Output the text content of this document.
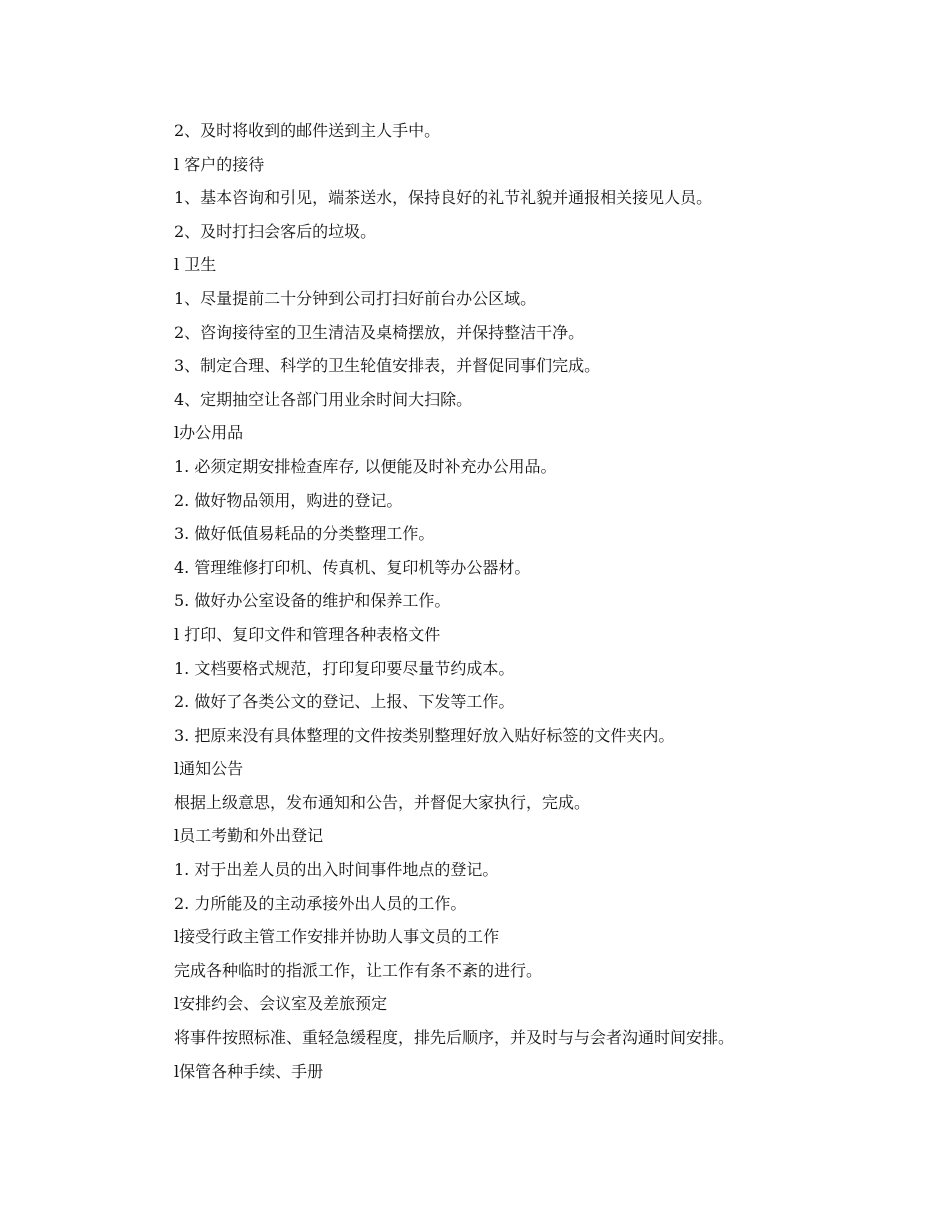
2、及时将收到的邮件送到主人手中。
l 客户的接待
1、基本咨询和引见，端茶送水，保持良好的礼节礼貌并通报相关接见人员。
2、及时打扫会客后的垃圾。
l 卫生
1、尽量提前二十分钟到公司打扫好前台办公区域。
2、咨询接待室的卫生清洁及桌椅摆放，并保持整洁干净。
3、制定合理、科学的卫生轮值安排表，并督促同事们完成。
4、定期抽空让各部门用业余时间大扫除。
l办公用品
1. 必须定期安排检查库存, 以便能及时补充办公用品。
2. 做好物品领用，购进的登记。
3. 做好低值易耗品的分类整理工作。
4. 管理维修打印机、传真机、复印机等办公器材。
5. 做好办公室设备的维护和保养工作。
l 打印、复印文件和管理各种表格文件
1. 文档要格式规范，打印复印要尽量节约成本。
2. 做好了各类公文的登记、上报、下发等工作。
3. 把原来没有具体整理的文件按类别整理好放入贴好标签的文件夹内。
l通知公告
根据上级意思，发布通知和公告，并督促大家执行，完成。
l员工考勤和外出登记
1. 对于出差人员的出入时间事件地点的登记。
2. 力所能及的主动承接外出人员的工作。
l接受行政主管工作安排并协助人事文员的工作
完成各种临时的指派工作，让工作有条不紊的进行。
l安排约会、会议室及差旅预定
将事件按照标准、重轻急缓程度，排先后顺序，并及时与与会者沟通时间安排。
l保管各种手续、手册
